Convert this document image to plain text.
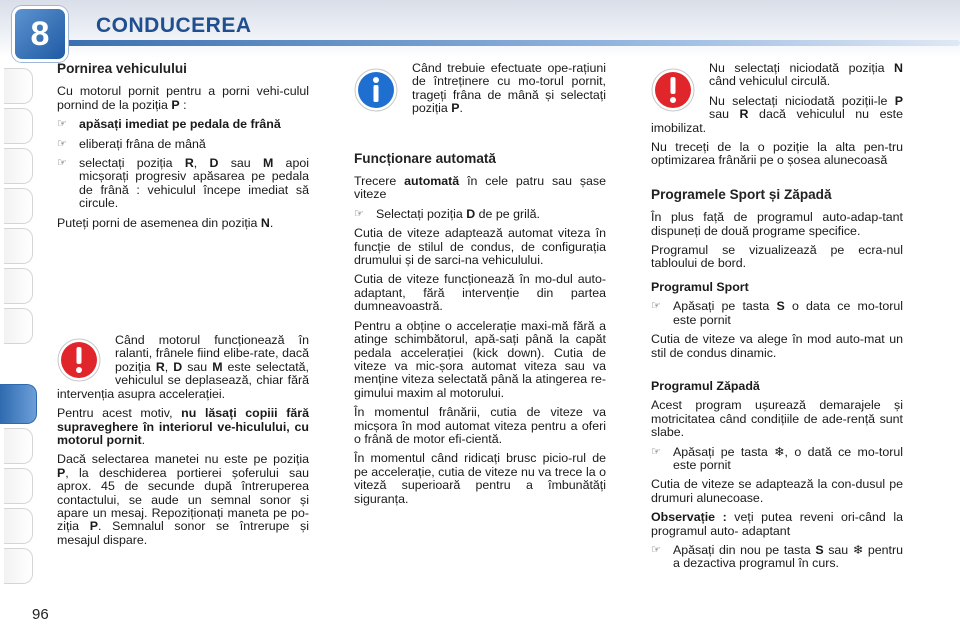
8 CONDUCEREA
96
Pornirea vehiculului

Cu motorul pornit pentru a porni vehi-culul pornind de la poziția P :

☞ apăsați imediat pe pedala de frână
☞ eliberați frâna de mână
☞ selectați poziția R, D sau M apoi micșorați progresiv apăsarea pe pedala de frână : vehiculul începe imediat să circule.

Puteți porni de asemenea din poziția N.

Când motorul funcționează în ralanti, frânele fiind elibe-rate, dacă poziția R, D sau M este selectată, vehiculul se deplasează, chiar fără intervenția asupra accelerației.

Pentru acest motiv, nu lăsați copiii fără supraveghere în interiorul ve-hiculului, cu motorul pornit.

Dacă selectarea manetei nu este pe poziția P, la deschiderea portierei șoferului sau aprox. 45 de secunde după întreruperea contactului, se aude un semnal sonor și apare un mesaj. Repoziționați maneta pe po-ziția P. Semnalul sonor se întrerupe și mesajul dispare.

Când trebuie efectuate ope-rațiuni de întreținere cu mo-torul pornit, trageți frâna de mână și selectați poziția P.

Funcționare automată

Trecere automată în cele patru sau șase viteze

☞ Selectați poziția D de pe grilă.

Cutia de viteze adaptează automat viteza în funcție de stilul de condus, de configurația drumului și de sarci-na vehiculului.

Cutia de viteze funcționează în mo-dul auto-adaptant, fără intervenție din partea dumneavoastră.

Pentru a obține o accelerație maxi-mă fără a atinge schimbătorul, apă-sați până la capăt pedala accelerației (kick down). Cutia de viteze va mic-șora automat viteza sau va menține viteza selectată până la atingerea re-gimului maxim al motorului.

În momentul frânării, cutia de viteze va micșora în mod automat viteza pentru a oferi o frână de motor efi-cientă.

În momentul când ridicați brusc picio-rul de pe accelerație, cutia de viteze nu va trece la o viteză superioară pentru a îmbunătăți siguranța.

Nu selectați niciodată poziția N când vehiculul circulă.

Nu selectați niciodată poziții-le P sau R dacă vehiculul nu este imobilizat.

Nu treceți de la o poziție la alta pen-tru optimizarea frânării pe o șosea alunecoasă

Programele Sport și Zăpadă

În plus față de programul auto-adap-tant dispuneți de două programe specifice.

Programul se vizualizează pe ecra-nul tabloului de bord.

Programul Sport
☞ Apăsați pe tasta S o data ce mo-torul este pornit

Cutia de viteze va alege în mod auto-mat un stil de condus dinamic.

Programul Zăpadă

Acest program ușurează demarajele și motricitatea când condițiile de ade-rență sunt slabe.

☞ Apăsați pe tasta ❄, o dată ce mo-torul este pornit

Cutia de viteze se adaptează la con-dusul pe drumuri alunecoase.

Observație : veți putea reveni ori-când la programul auto- adaptant

☞ Apăsați din nou pe tasta S sau ❄ pentru a dezactiva programul în curs.
